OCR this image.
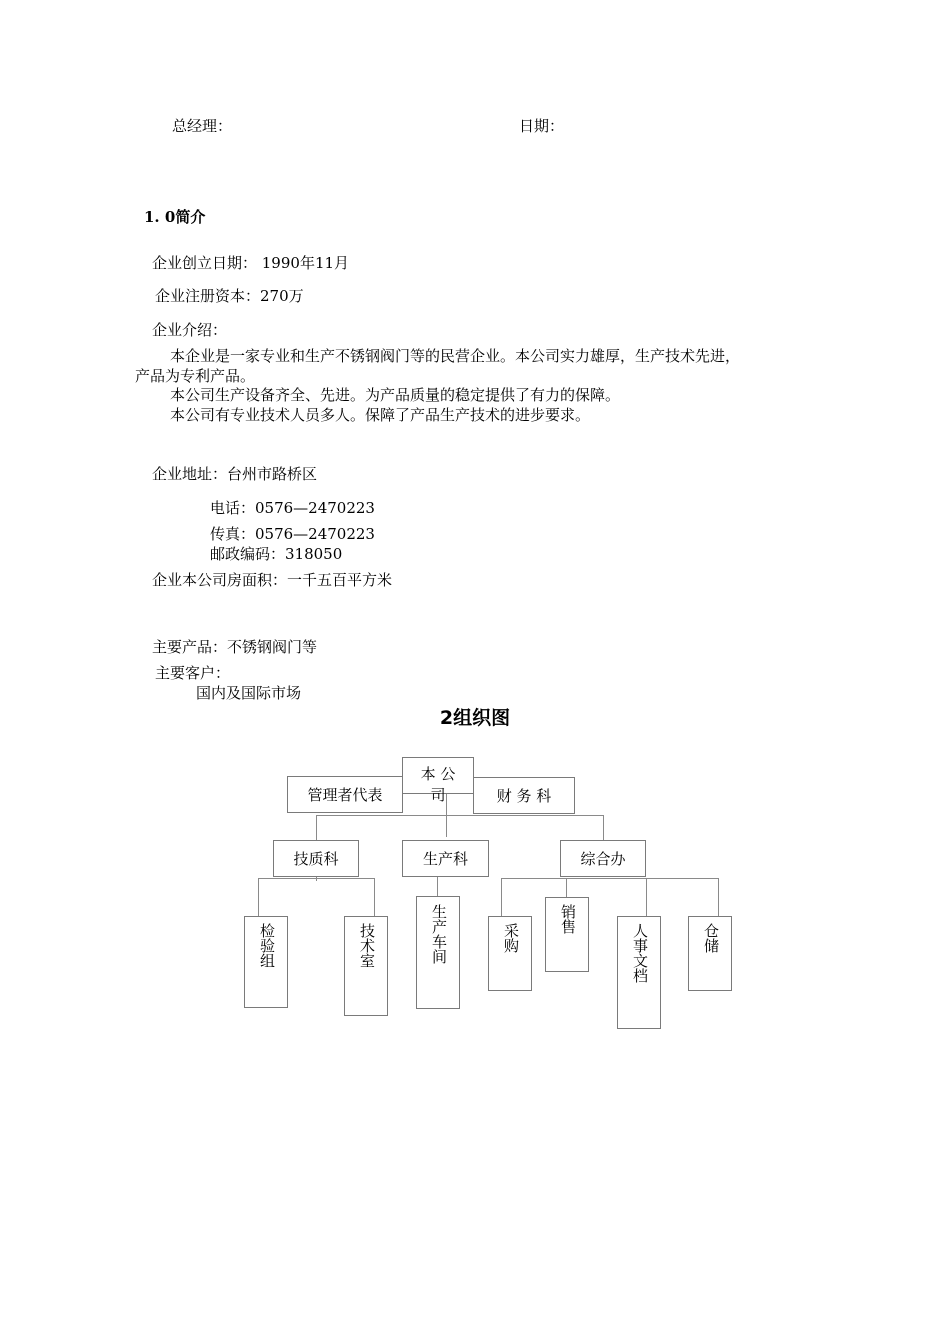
总经理：	日期：
1. 0简介
企业创立日期： 1990年11月
企业注册资本：270万
企业介绍：
本企业是一家专业和生产不锈钢阀门等的民营企业。本公司实力雄厚，生产技术先进，
产品为专利产品。
本公司生产设备齐全、先进。为产品质量的稳定提供了有力的保障。
本公司有专业技术人员多人。保障了产品生产技术的进步要求。
企业地址：台州市路桥区
电话：0576—2470223
传真：0576—2470223
邮政编码：318050
企业本公司房面积：一千五百平方米
主要产品：不锈钢阀门等
主要客户：
国内及国际市场
2组织图
管理者代表	财 务 科
本 公
司
技质科	生产科	综合办
检验组	技术室	生产车间	采购
销售
人事文档	仓储
